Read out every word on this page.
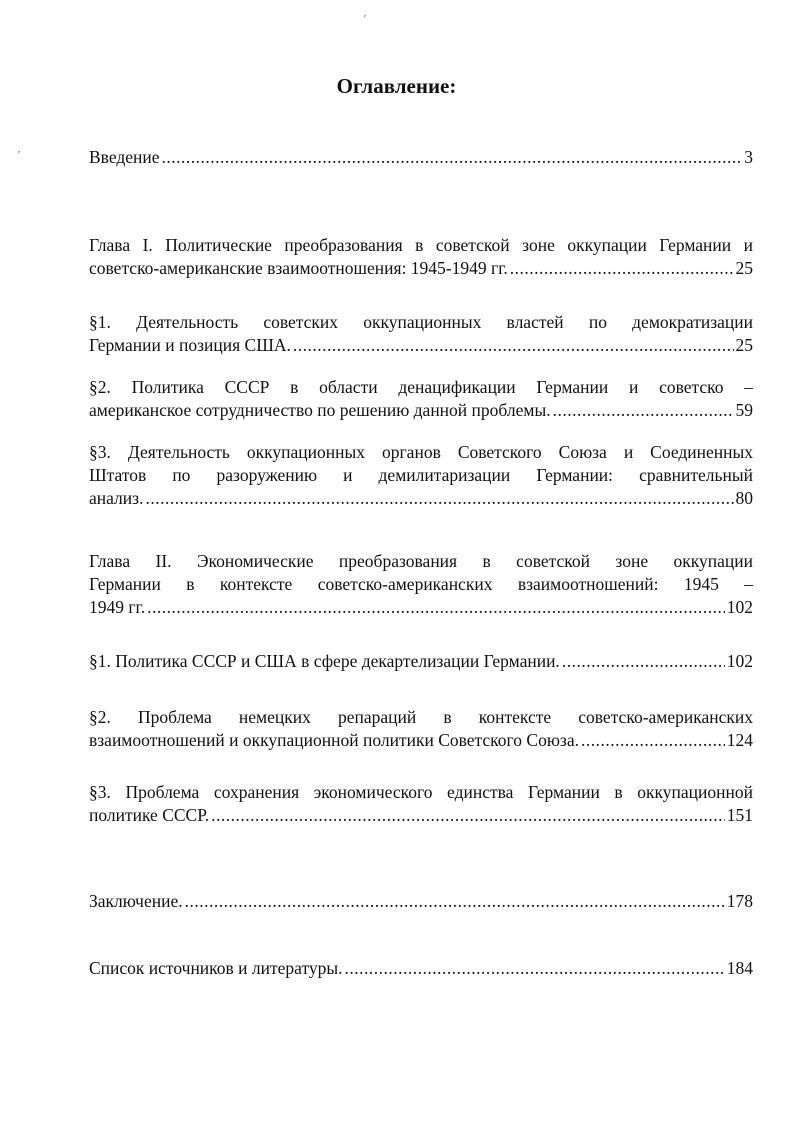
′
′
Оглавление:
Введение .....	3
Глава I. Политические преобразования в советской зоне оккупации Германии и
советско-американские взаимоотношения: 1945-1949 гг. .....	25
§1. Деятельность советских оккупационных властей по демократизации
Германии и позиция США. .....	25
§2. Политика СССР в области денацификации Германии и советско –
американское сотрудничество по решению данной проблемы. .....	59
§3. Деятельность оккупационных органов Советского Союза и Соединенных
Штатов по разоружению и демилитаризации Германии: сравнительный
анализ. .....	80
Глава II. Экономические преобразования в советской зоне оккупации
Германии в контексте советско-американских взаимоотношений: 1945 –
1949 гг. .....	102
§1. Политика СССР и США в сфере декартелизации Германии. .....	102
§2. Проблема немецких репараций в контексте советско-американских
взаимоотношений и оккупационной политики Советского Союза. .....	124
§3. Проблема сохранения экономического единства Германии в оккупационной
политике СССР. .....	151
Заключение. .....	178
Список источников и литературы. .....	184
